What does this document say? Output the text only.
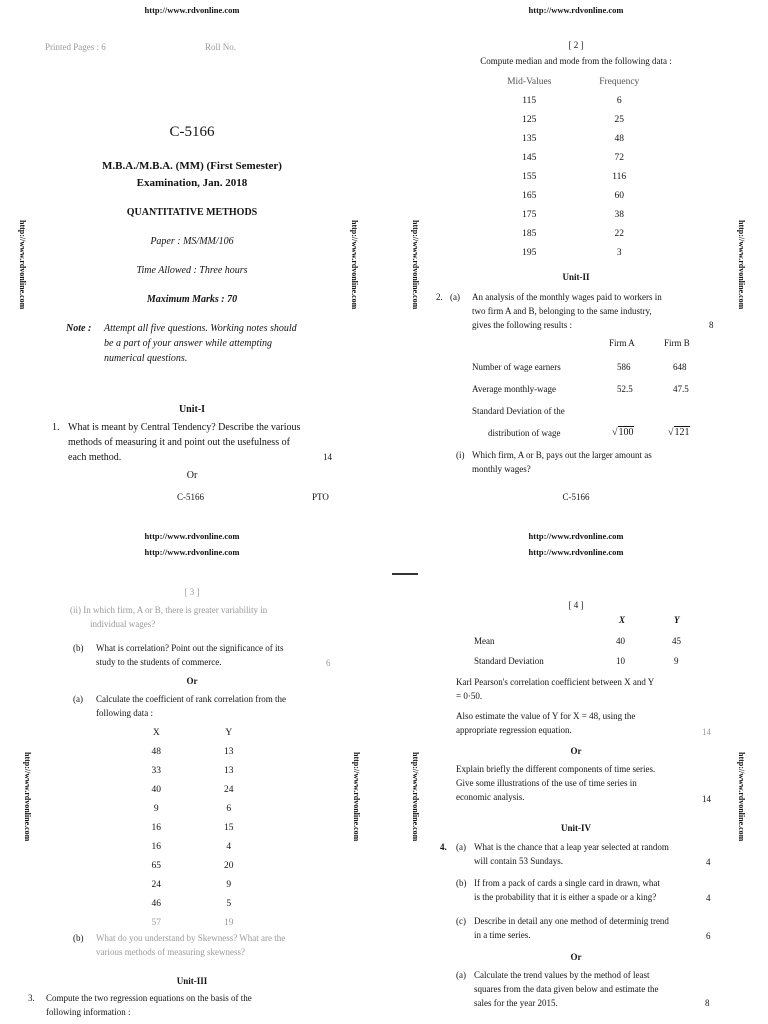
http://www.rdvonline.com
Printed Pages : 6	Roll No.
C-5166
M.B.A./M.B.A. (MM) (First Semester)
Examination, Jan. 2018
QUANTITATIVE METHODS
Paper : MS/MM/106
Time Allowed : Three hours
Maximum Marks : 70
Note : Attempt all five questions. Working notes should
be a part of your answer while attempting
numerical questions.
Unit-I
1. What is meant by Central Tendency? Describe the various
methods of measuring it and point out the usefulness of
each method.	14
Or
C-5166	PTO
http://www.rdvonline.com	http://www.rdvonline.com
http://www.rdvonline.com
[ 2 ]
Compute median and mode from the following data :
Mid-Values	Frequency
115	6
125	25
135	48
145	72
155	116
165	60
175	38
185	22
195	3
Unit-II
2. (a) An analysis of the monthly wages paid to workers in
two firm A and B, belonging to the same industry,
gives the following results :	8
Firm A	Firm B
Number of wage earners	586	648
Average monthly-wage	52.5	47.5
Standard Deviation of the
distribution of wage	√100	√121
(i) Which firm, A or B, pays out the larger amount as
monthly wages?
C-5166
http://www.rdvonline.com	http://www.rdvonline.com
http://www.rdvonline.com
http://www.rdvonline.com
[ 3 ]
(ii) In which firm, A or B, there is greater variability in
individual wages?
(b) What is correlation? Point out the significance of its
study to the students of commerce.	6
Or
(a) Calculate the coefficient of rank correlation from the
following data :
X	Y
48	13
33	13
40	24
9	6
16	15
16	4
65	20
24	9
46	5
57	19
(b) What do you understand by Skewness? What are the
various methods of measuring skewness?
Unit-III
3. Compute the two regression equations on the basis of the
following information :
http://www.rdvonline.com	http://www.rdvonline.com
http://www.rdvonline.com
http://www.rdvonline.com
[ 4 ]
X	Y
Mean	40	45
Standard Deviation	10	9
Karl Pearson's correlation coefficient between X and Y
= 0·50.
Also estimate the value of Y for X = 48, using the
appropriate regression equation.	14
Or
Explain briefly the different components of time series.
Give some illustrations of the use of time series in
economic analysis.	14
Unit-IV
4. (a) What is the chance that a leap year selected at random
will contain 53 Sundays.	4
(b) If from a pack of cards a single card in drawn, what
is the probability that it is either a spade or a king?	4
(c) Describe in detail any one method of determinig trend
in a time series.	6
Or
(a) Calculate the trend values by the method of least
squares from the data given below and estimate the
sales for the year 2015.	8
http://www.rdvonline.com	http://www.rdvonline.com
